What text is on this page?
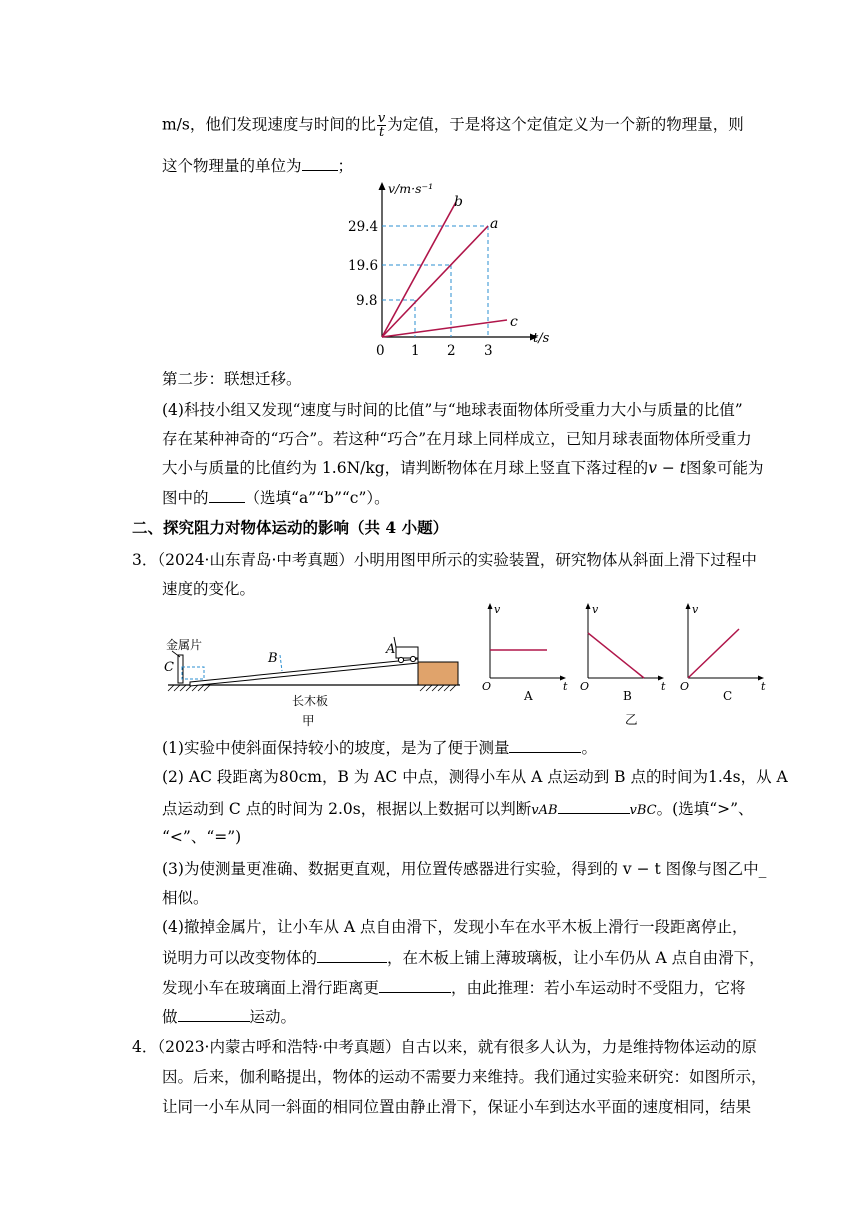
m/s，他们发现速度与时间的比 $\frac{v}{t}$ 为定值，于是将这个定值定义为一个新的物理量，则
这个物理量的单位为 ；
v/m·s⁻¹
t/s
29.4
19.6
9.8
0 1 2 3
a
b
c
第二步：联想迁移。
(4)科技小组又发现“速度与时间的比值”与“地球表面物体所受重力大小与质量的比值”
存在某种神奇的“巧合”。若这种“巧合”在月球上同样成立，已知月球表面物体所受重力
大小与质量的比值约为 1.6N/kg，请判断物体在月球上竖直下落过程的v − t图象可能为
图中的 （选填“a”“b”“c”）。
二、探究阻力对物体运动的影响（共 4 小题）
3．（2024·山东青岛·中考真题）小明用图甲所示的实验装置，研究物体从斜面上滑下过程中
速度的变化。
金属片
C
B
A
长木板
甲
v	v	v
t	t	t
O	O	O
A	B	C
乙
(1)实验中使斜面保持较小的坡度，是为了便于测量	。
(2) AC 段距离为80cm，B 为 AC 中点，测得小车从 A 点运动到 B 点的时间为1.4s，从 A
点运动到 C 点的时间为 2.0s，根据以上数据可以判断vAB	vBC。(选填“>”、
“<”、“=”)
(3)为使测量更准确、数据更直观，用位置传感器进行实验，得到的 v − t 图像与图乙中_
相似。
(4)撤掉金属片，让小车从 A 点自由滑下，发现小车在水平木板上滑行一段距离停止，
说明力可以改变物体的	，在木板上铺上薄玻璃板，让小车仍从 A 点自由滑下，
发现小车在玻璃面上滑行距离更	，由此推理：若小车运动时不受阻力，它将
做	运动。
4．（2023·内蒙古呼和浩特·中考真题）自古以来，就有很多人认为，力是维持物体运动的原
因。后来，伽利略提出，物体的运动不需要力来维持。我们通过实验来研究：如图所示，
让同一小车从同一斜面的相同位置由静止滑下，保证小车到达水平面的速度相同，结果
